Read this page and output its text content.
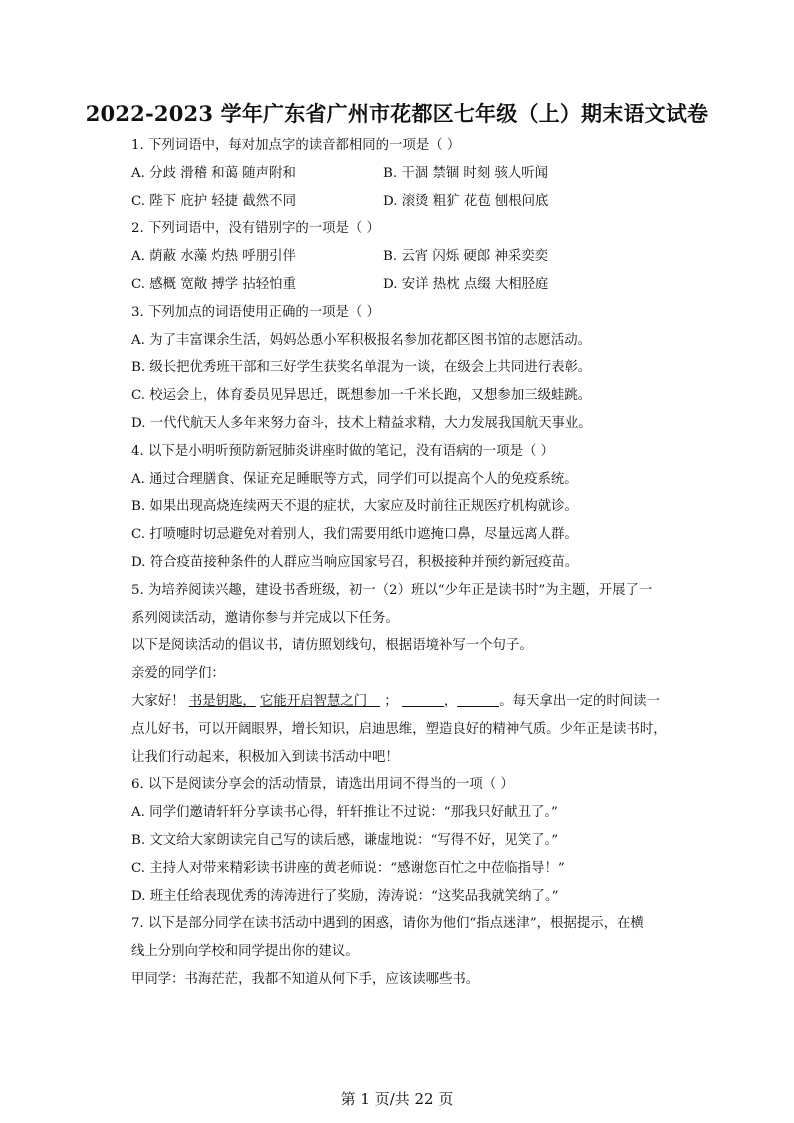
2022-2023 学年广东省广州市花都区七年级（上）期末语文试卷
1. 下列词语中，每对加点字的读音都相同的一项是（ ）
A. 分歧 滑稽 和蔼 随声附和	B. 干涸 禁锢 时刻 骇人听闻
C. 陛下 庇护 轻捷 截然不同	D. 滚烫 粗犷 花苞 刨根问底
2. 下列词语中，没有错别字的一项是（ ）
A. 荫蔽 水藻 灼热 呼朋引伴	B. 云宵 闪烁 硬郎 神采奕奕
C. 感概 宽敞 搏学 拈轻怕重	D. 安详 热枕 点缀 大相胫庭
3. 下列加点的词语使用正确的一项是（ ）
A. 为了丰富课余生活，妈妈怂恿小军积极报名参加花都区图书馆的志愿活动。
B. 级长把优秀班干部和三好学生获奖名单混为一谈，在级会上共同进行表彰。
C. 校运会上，体育委员见异思迁，既想参加一千米长跑，又想参加三级蛙跳。
D. 一代代航天人多年来努力奋斗，技术上精益求精，大力发展我国航天事业。
4. 以下是小明听预防新冠肺炎讲座时做的笔记，没有语病的一项是（ ）
A. 通过合理膳食、保证充足睡眠等方式，同学们可以提高个人的免疫系统。
B. 如果出现高烧连续两天不退的症状，大家应及时前往正规医疗机构就诊。
C. 打喷嚏时切忌避免对着别人，我们需要用纸巾遮掩口鼻，尽量远离人群。
D. 符合疫苗接种条件的人群应当响应国家号召，积极接种并预约新冠疫苗。
5. 为培养阅读兴趣，建设书香班级，初一（2）班以“少年正是读书时”为主题，开展了一
系列阅读活动，邀请你参与并完成以下任务。
以下是阅读活动的倡议书，请仿照划线句，根据语境补写一个句子。
亲爱的同学们：
大家好！ 书是钥匙， 它能开启智慧之门 ；	，	。每天拿出一定的时间读一
点儿好书，可以开阔眼界，增长知识，启迪思维，塑造良好的精神气质。少年正是读书时，
让我们行动起来，积极加入到读书活动中吧！
6. 以下是阅读分享会的活动情景，请选出用词不得当的一项（ ）
A. 同学们邀请轩轩分享读书心得，轩轩推让不过说：“那我只好献丑了。”
B. 文文给大家朗读完自己写的读后感，谦虚地说：“写得不好，见笑了。”
C. 主持人对带来精彩读书讲座的黄老师说：“感谢您百忙之中莅临指导！”
D. 班主任给表现优秀的涛涛进行了奖励，涛涛说：“这奖品我就笑纳了。”
7. 以下是部分同学在读书活动中遇到的困惑，请你为他们“指点迷津”，根据提示，在横
线上分别向学校和同学提出你的建议。
甲同学：书海茫茫，我都不知道从何下手，应该读哪些书。
第 1 页/共 22 页
